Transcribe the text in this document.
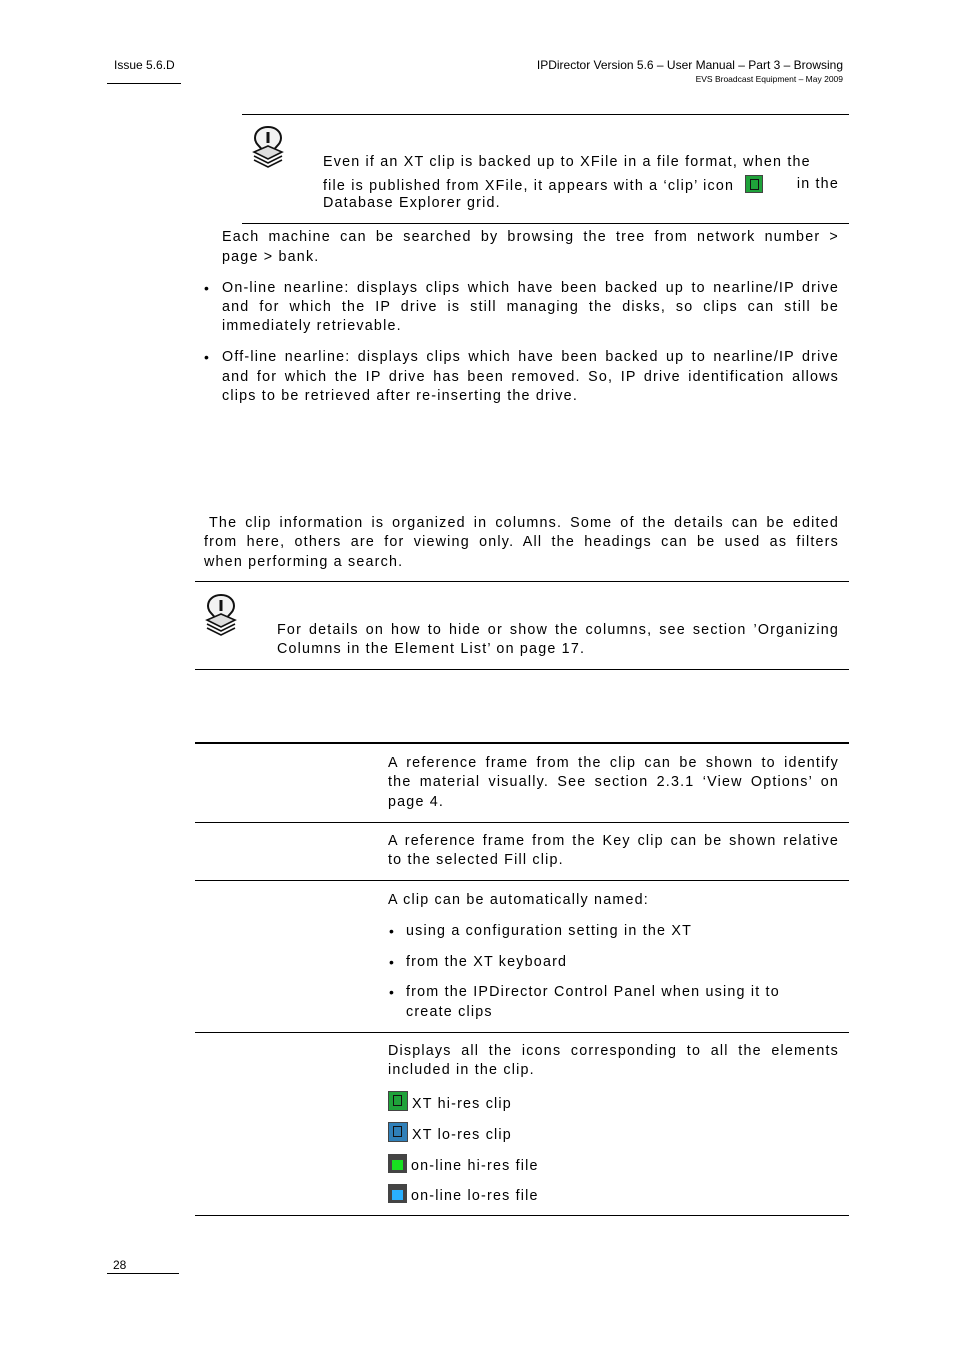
Issue 5.6.D	IPDirector Version 5.6 – User Manual – Part 3 – Browsing
EVS Broadcast Equipment – May 2009
Even if an XT clip is backed up to XFile in a file format, when the
file is published from XFile, it appears with a ‘clip’ icon	in the
Database Explorer grid.
Each machine can be searched by browsing the tree from network number >
page > bank.
• On-line nearline: displays clips which have been backed up to nearline/IP drive
and for which the IP drive is still managing the disks, so clips can still be
immediately retrievable.
• Off-line nearline: displays clips which have been backed up to nearline/IP drive
and for which the IP drive has been removed. So, IP drive identification allows
clips to be retrieved after re-inserting the drive.
The clip information is organized in columns. Some of the details can be edited
from here, others are for viewing only. All the headings can be used as filters
when performing a search.
For details on how to hide or show the columns, see section ’Organizing
Columns in the Element List’ on page 17.
A reference frame from the clip can be shown to identify
the material visually. See section 2.3.1 ‘View Options’ on
page 4.
A reference frame from the Key clip can be shown relative
to the selected Fill clip.
A clip can be automatically named:
• using a configuration setting in the XT
• from the XT keyboard
• from the IPDirector Control Panel when using it to
create clips
Displays all the icons corresponding to all the elements
included in the clip.
XT hi-res clip
XT lo-res clip
on-line hi-res file
on-line lo-res file
28
